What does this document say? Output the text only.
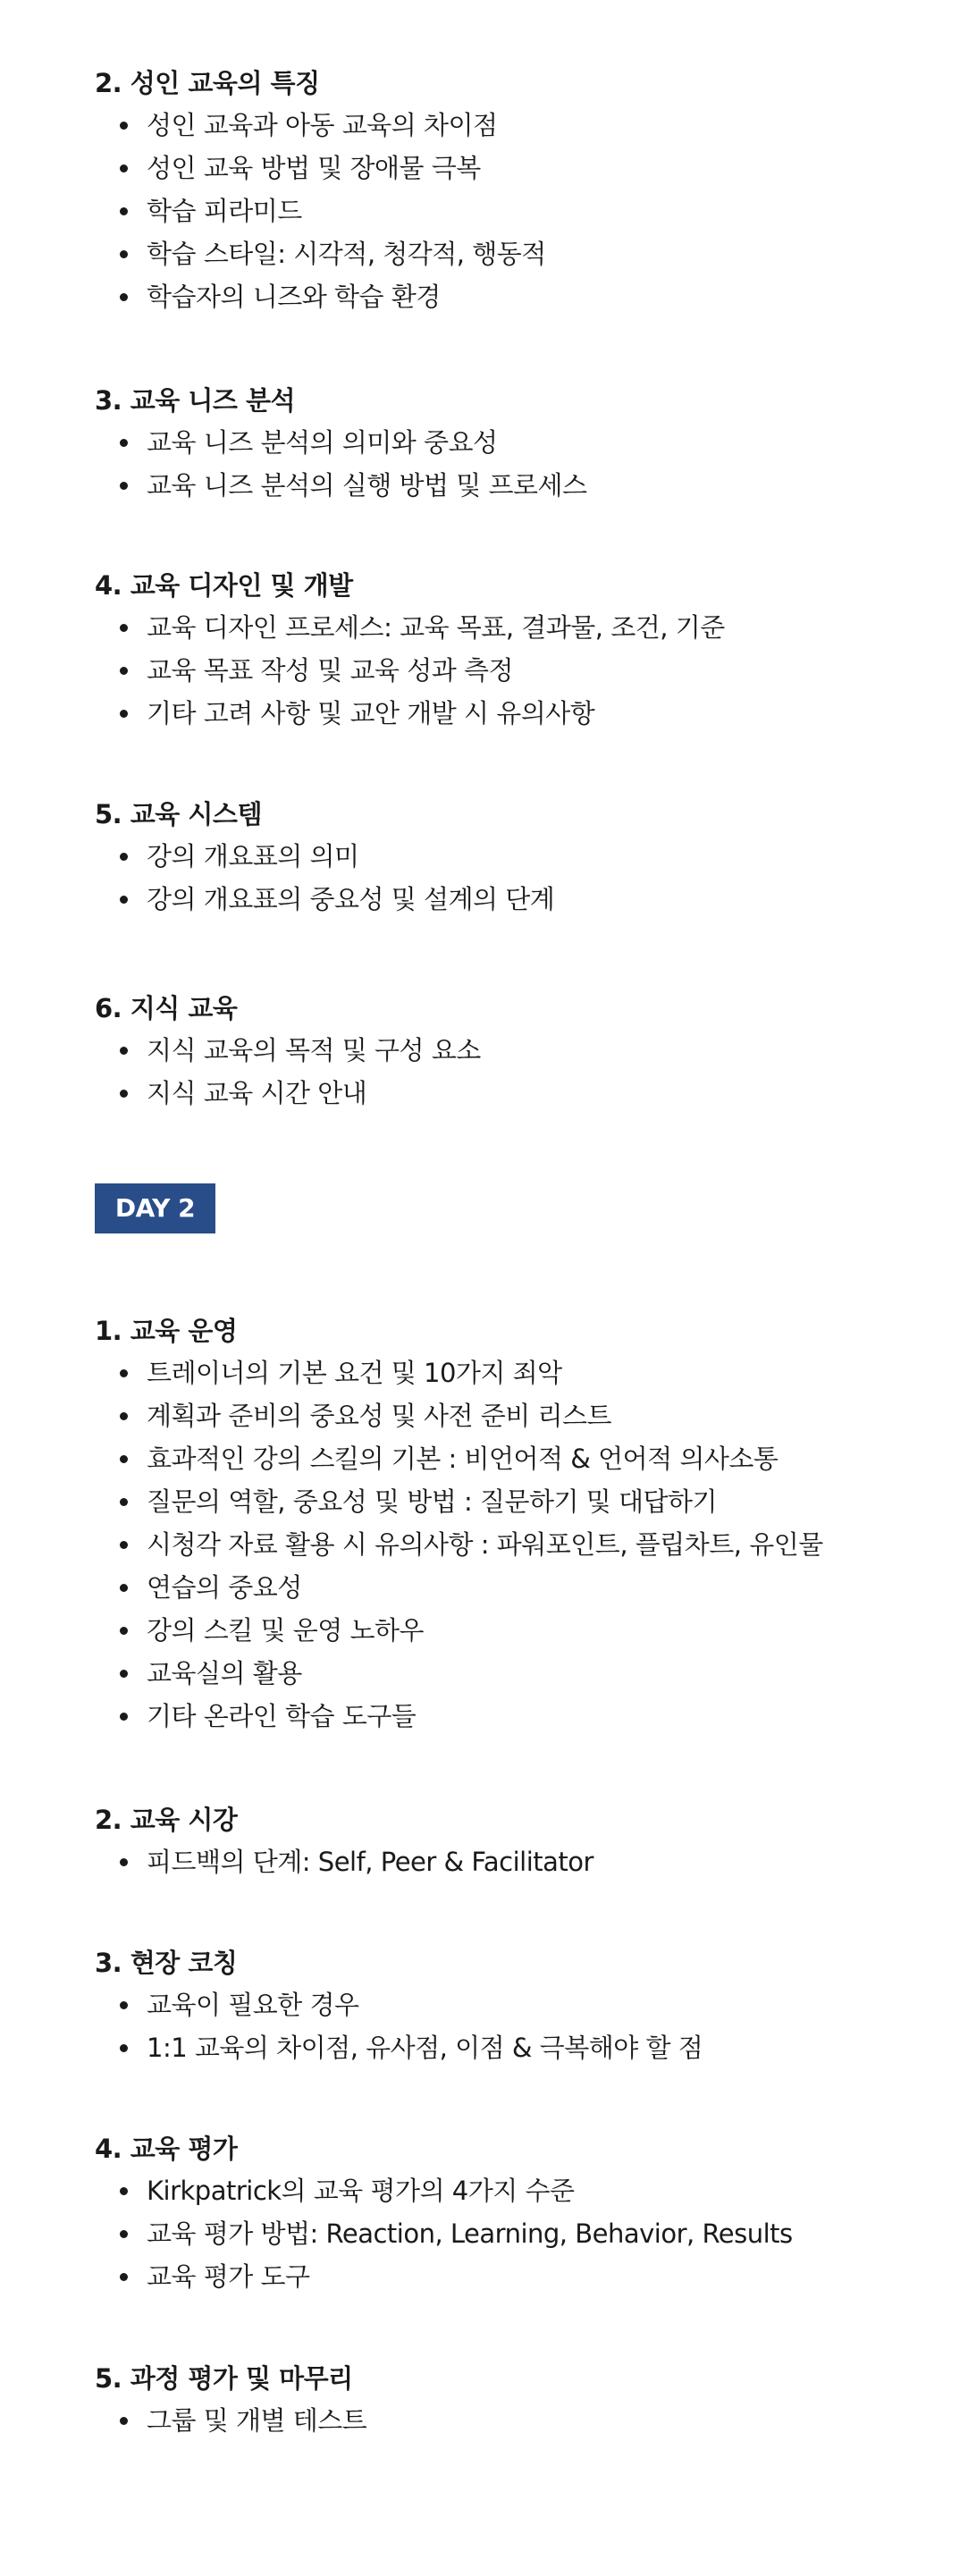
2. 성인 교육의 특징
성인 교육과 아동 교육의 차이점
성인 교육 방법 및 장애물 극복
학습 피라미드
학습 스타일: 시각적, 청각적, 행동적
학습자의 니즈와 학습 환경
3. 교육 니즈 분석
교육 니즈 분석의 의미와 중요성
교육 니즈 분석의 실행 방법 및 프로세스
4. 교육 디자인 및 개발
교육 디자인 프로세스: 교육 목표, 결과물, 조건, 기준
교육 목표 작성 및 교육 성과 측정
기타 고려 사항 및 교안 개발 시 유의사항
5. 교육 시스템
강의 개요표의 의미
강의 개요표의 중요성 및 설계의 단계
6. 지식 교육
지식 교육의 목적 및 구성 요소
지식 교육 시간 안내
DAY 2
1. 교육 운영
트레이너의 기본 요건 및 10가지 죄악
계획과 준비의 중요성 및 사전 준비 리스트
효과적인 강의 스킬의 기본 : 비언어적 & 언어적 의사소통
질문의 역할, 중요성 및 방법 : 질문하기 및 대답하기
시청각 자료 활용 시 유의사항 : 파워포인트, 플립차트, 유인물
연습의 중요성
강의 스킬 및 운영 노하우
교육실의 활용
기타 온라인 학습 도구들
2. 교육 시강
피드백의 단계: Self, Peer & Facilitator
3. 현장 코칭
교육이 필요한 경우
1:1 교육의 차이점, 유사점, 이점 & 극복해야 할 점
4. 교육 평가
Kirkpatrick의 교육 평가의 4가지 수준
교육 평가 방법: Reaction, Learning, Behavior, Results
교육 평가 도구
5. 과정 평가 및 마무리
그룹 및 개별 테스트
